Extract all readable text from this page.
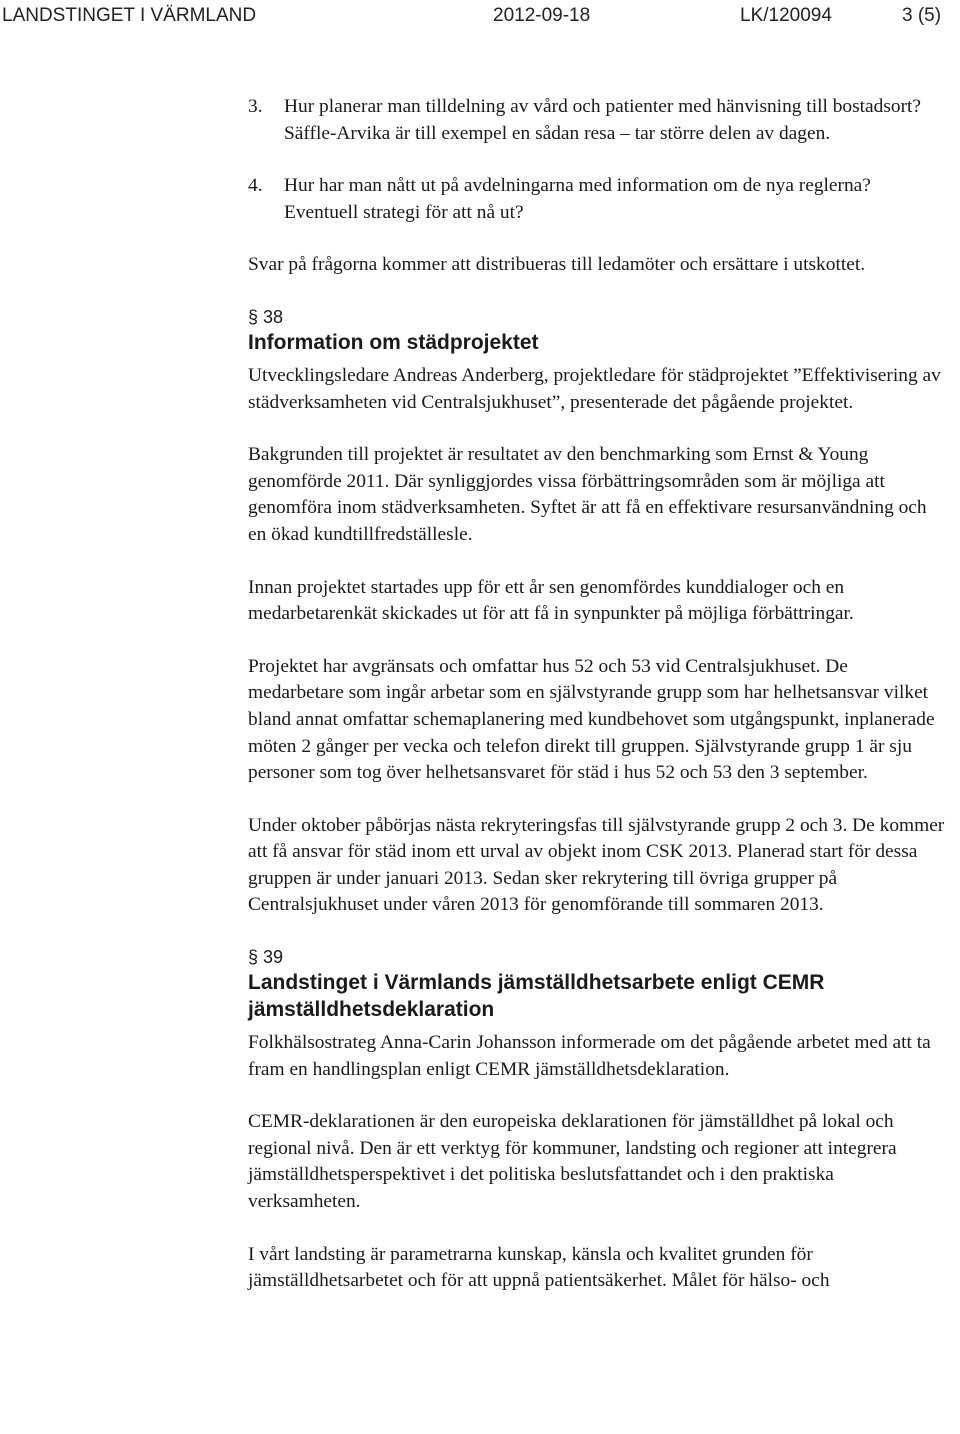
LANDSTINGET I VÄRMLAND	2012-09-18	LK/120094	3 (5)
3. Hur planerar man tilldelning av vård och patienter med hänvisning till bostadsort? Säffle-Arvika är till exempel en sådan resa – tar större delen av dagen.
4. Hur har man nått ut på avdelningarna med information om de nya reglerna? Eventuell strategi för att nå ut?

Svar på frågorna kommer att distribueras till ledamöter och ersättare i utskottet.

§ 38
Information om städprojektet

Utvecklingsledare Andreas Anderberg, projektledare för städprojektet ”Effektivisering av städverksamheten vid Centralsjukhuset”, presenterade det pågående projektet.

Bakgrunden till projektet är resultatet av den benchmarking som Ernst & Young genomförde 2011. Där synliggjordes vissa förbättringsområden som är möjliga att genomföra inom städverksamheten. Syftet är att få en effektivare resursanvändning och en ökad kundtillfredställesle.

Innan projektet startades upp för ett år sen genomfördes kunddialoger och en medarbetarenkät skickades ut för att få in synpunkter på möjliga förbättringar.

Projektet har avgränsats och omfattar hus 52 och 53 vid Centralsjukhuset. De medarbetare som ingår arbetar som en självstyrande grupp som har helhetsansvar vilket bland annat omfattar schemaplanering med kundbehovet som utgångspunkt, inplanerade möten 2 gånger per vecka och telefon direkt till gruppen. Självstyrande grupp 1 är sju personer som tog över helhetsansvaret för städ i hus 52 och 53 den 3 september.

Under oktober påbörjas nästa rekryteringsfas till självstyrande grupp 2 och 3. De kommer att få ansvar för städ inom ett urval av objekt inom CSK 2013. Planerad start för dessa gruppen är under januari 2013. Sedan sker rekrytering till övriga grupper på Centralsjukhuset under våren 2013 för genomförande till sommaren 2013.

§ 39
Landstinget i Värmlands jämställdhetsarbete enligt CEMR jämställdhetsdeklaration

Folkhälsostrateg Anna-Carin Johansson informerade om det pågående arbetet med att ta fram en handlingsplan enligt CEMR jämställdhetsdeklaration.

CEMR-deklarationen är den europeiska deklarationen för jämställdhet på lokal och regional nivå. Den är ett verktyg för kommuner, landsting och regioner att integrera jämställdhetsperspektivet i det politiska beslutsfattandet och i den praktiska verksamheten.

I vårt landsting är parametrarna kunskap, känsla och kvalitet grunden för jämställdhetsarbetet och för att uppnå patientsäkerhet. Målet för hälso- och
